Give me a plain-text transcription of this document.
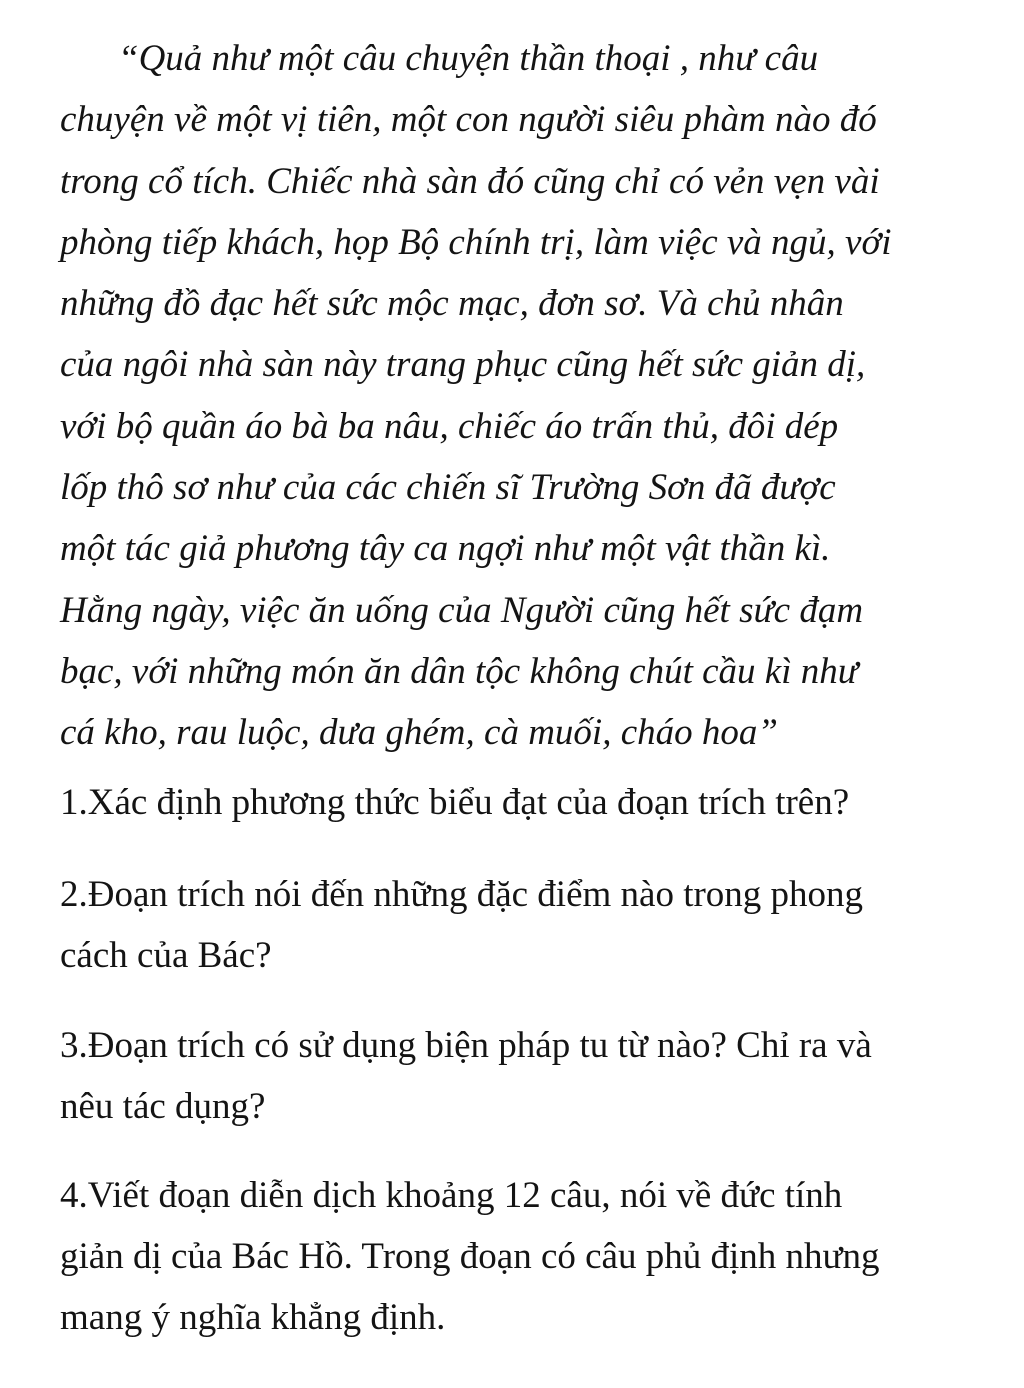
“Quả như một câu chuyện thần thoại , như câu
chuyện về một vị tiên, một con người siêu phàm nào đó
trong cổ tích. Chiếc nhà sàn đó cũng chỉ có vẻn vẹn vài
phòng tiếp khách, họp Bộ chính trị, làm việc và ngủ, với
những đồ đạc hết sức mộc mạc, đơn sơ. Và chủ nhân
của ngôi nhà sàn này trang phục cũng hết sức giản dị,
với bộ quần áo bà ba nâu, chiếc áo trấn thủ, đôi dép
lốp thô sơ như của các chiến sĩ Trường Sơn đã được
một tác giả phương tây ca ngợi như một vật thần kì.
Hằng ngày, việc ăn uống của Người cũng hết sức đạm
bạc, với những món ăn dân tộc không chút cầu kì như
cá kho, rau luộc, dưa ghém, cà muối, cháo hoa”
1.Xác định phương thức biểu đạt của đoạn trích trên?
2.Đoạn trích nói đến những đặc điểm nào trong phong
cách của Bác?
3.Đoạn trích có sử dụng biện pháp tu từ nào? Chỉ ra và
nêu tác dụng?
4.Viết đoạn diễn dịch khoảng 12 câu, nói về đức tính
giản dị của Bác Hồ. Trong đoạn có câu phủ định nhưng
mang ý nghĩa khẳng định.
